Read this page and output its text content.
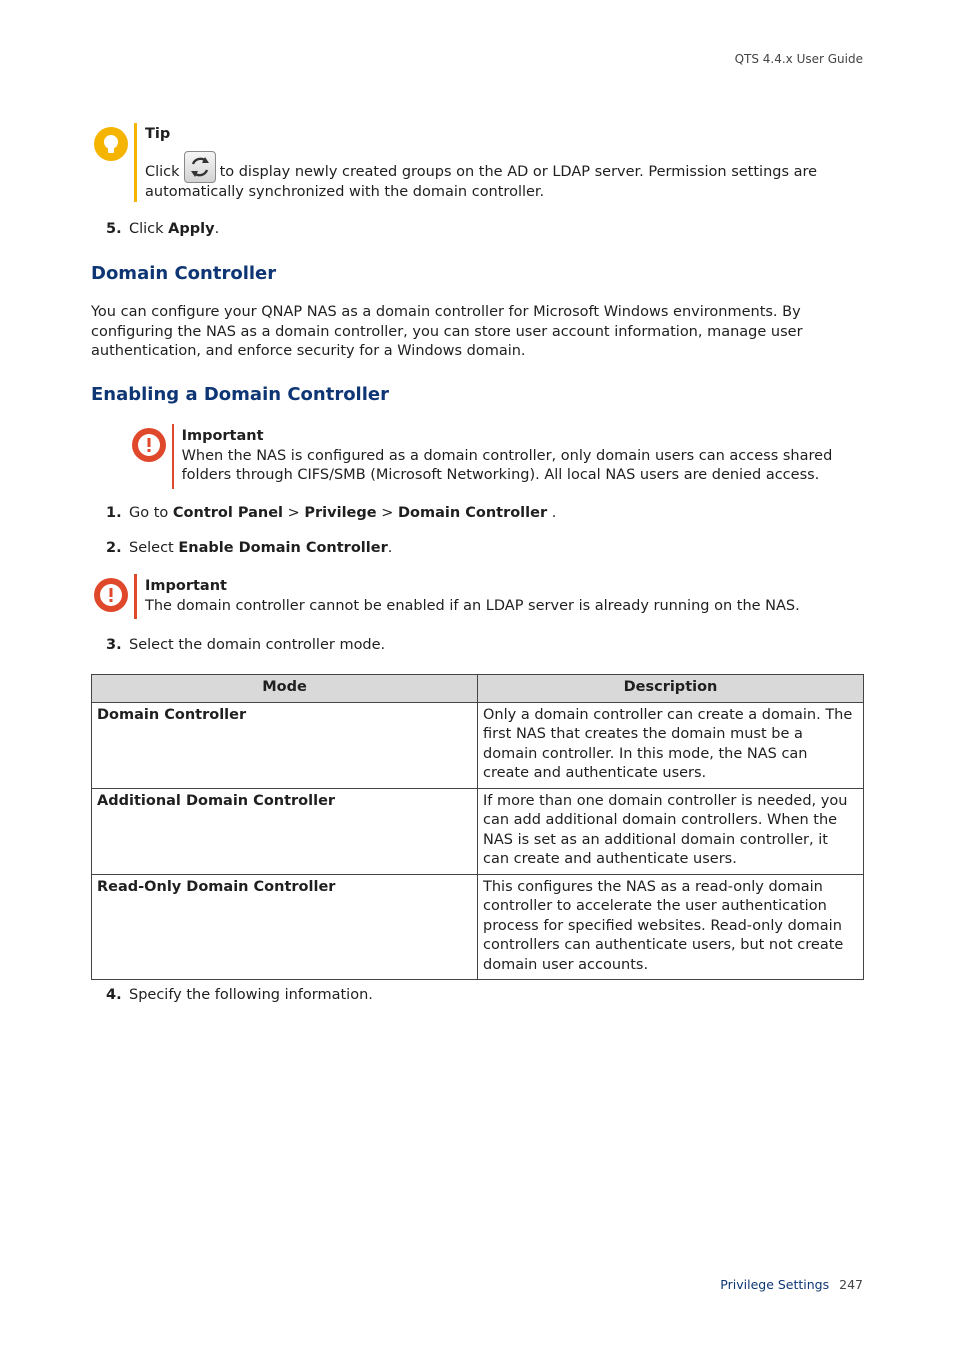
QTS 4.4.x User Guide
Tip
Click	to display newly created groups on the AD or LDAP server. Permission settings are
automatically synchronized with the domain controller.
5. Click Apply.
Domain Controller
You can configure your QNAP NAS as a domain controller for Microsoft Windows environments. By configuring the NAS as a domain controller, you can store user account information, manage user authentication, and enforce security for a Windows domain.
Enabling a Domain Controller
Important
When the NAS is configured as a domain controller, only domain users can access shared folders through CIFS/SMB (Microsoft Networking). All local NAS users are denied access.
1. Go to Control Panel > Privilege > Domain Controller .
2. Select Enable Domain Controller.
Important
The domain controller cannot be enabled if an LDAP server is already running on the NAS.
3. Select the domain controller mode.
Mode	Description
Domain Controller	Only a domain controller can create a domain. The first NAS that creates the domain must be a domain controller. In this mode, the NAS can create and authenticate users.
Additional Domain Controller	If more than one domain controller is needed, you can add additional domain controllers. When the NAS is set as an additional domain controller, it can create and authenticate users.
Read-Only Domain Controller	This configures the NAS as a read-only domain controller to accelerate the user authentication process for specified websites. Read-only domain controllers can authenticate users, but not create domain user accounts.
4. Specify the following information.
Privilege Settings 247
